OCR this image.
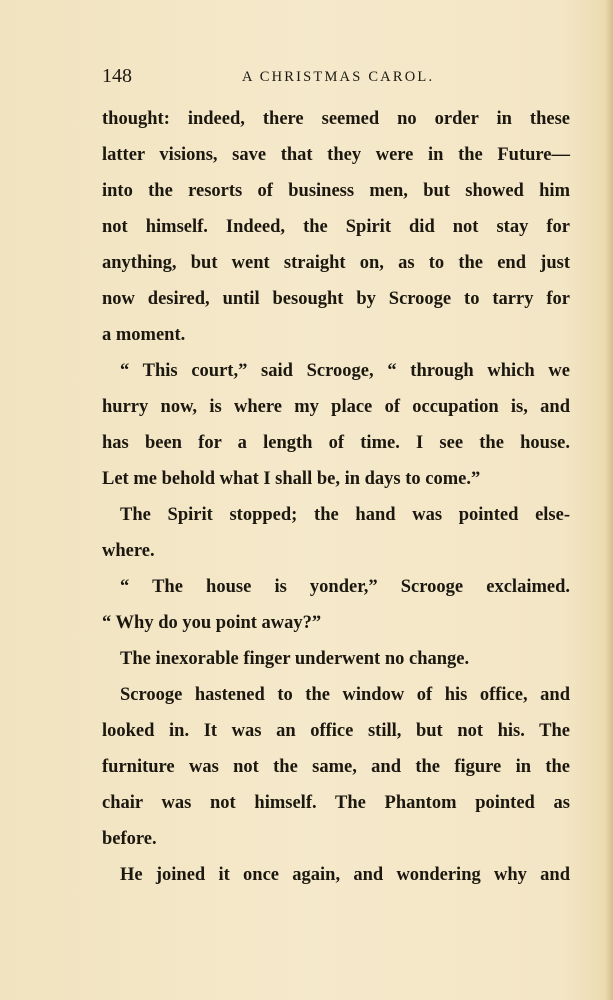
148	A CHRISTMAS CAROL.
thought: indeed, there seemed no order in these
latter visions, save that they were in the Future—
into the resorts of business men, but showed him
not himself. Indeed, the Spirit did not stay for
anything, but went straight on, as to the end just
now desired, until besought by Scrooge to tarry for
a moment.
“ This court,” said Scrooge, “ through which we
hurry now, is where my place of occupation is, and
has been for a length of time. I see the house.
Let me behold what I shall be, in days to come.”
The Spirit stopped; the hand was pointed else-
where.
“ The house is yonder,” Scrooge exclaimed.
“ Why do you point away?”
The inexorable finger underwent no change.
Scrooge hastened to the window of his office, and
looked in. It was an office still, but not his. The
furniture was not the same, and the figure in the
chair was not himself. The Phantom pointed as
before.
He joined it once again, and wondering why and
